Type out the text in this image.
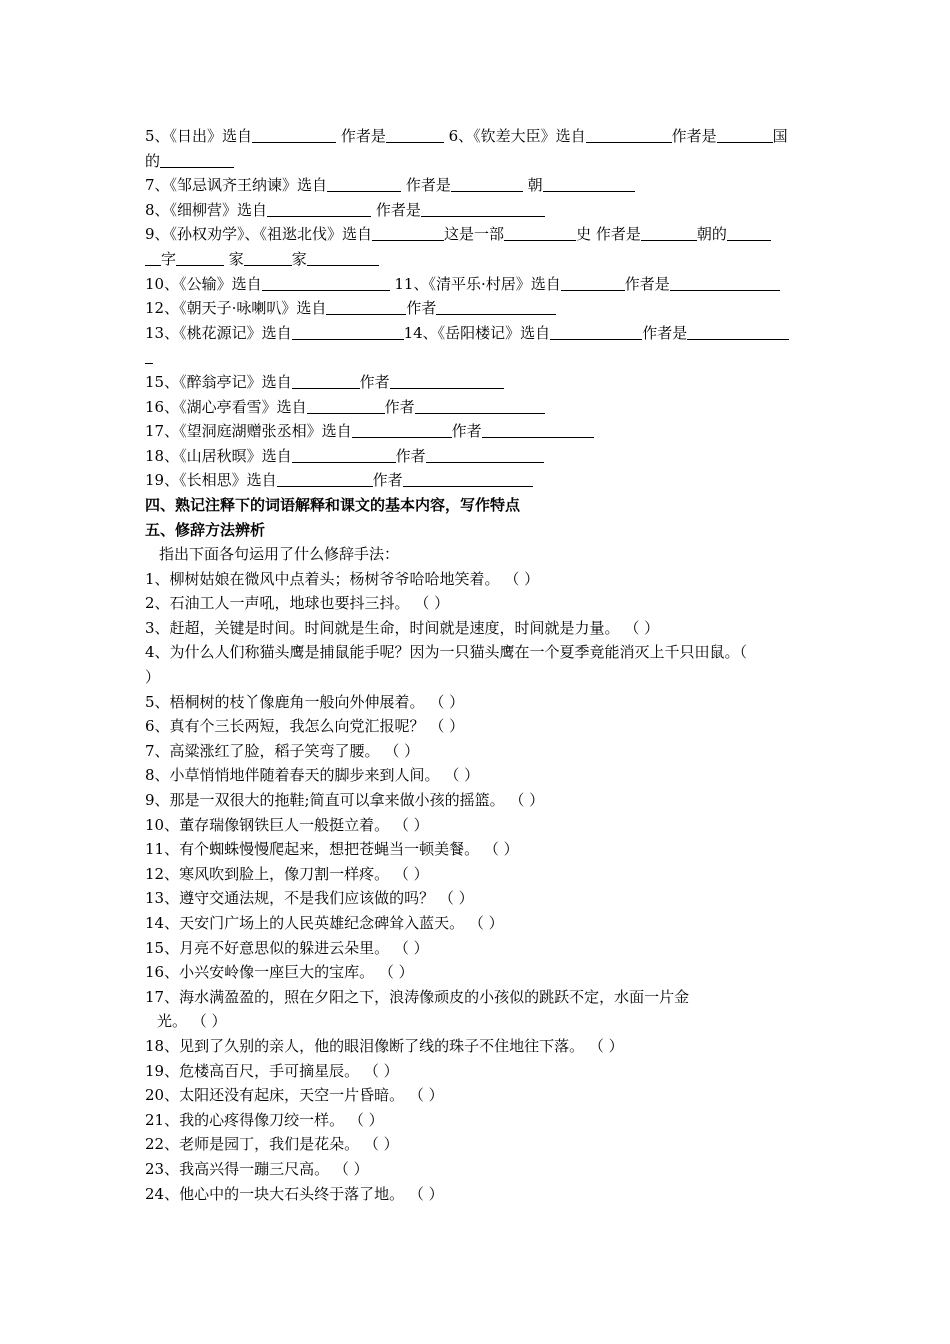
5、《日出》选自	作者是	6、《钦差大臣》选自	作者是	国
的
7、《邹忌讽齐王纳谏》选自	作者是	朝
8、《细柳营》选自	作者是
9、《孙权劝学》、《祖逖北伐》选自	这是一部	史 作者是	朝的
字	家	家
10、《公输》选自	11、《清平乐·村居》选自	作者是
12、《朝天子·咏喇叭》选自	作者
13、《桃花源记》选自	14、《岳阳楼记》选自	作者是
15、《醉翁亭记》选自	作者
16、《湖心亭看雪》选自	作者
17、《望洞庭湖赠张丞相》选自	作者
18、《山居秋暝》选自	作者
19、《长相思》选自	作者
四、熟记注释下的词语解释和课文的基本内容，写作特点
五、修辞方法辨析
指出下面各句运用了什么修辞手法：
1、柳树姑娘在微风中点着头；杨树爷爷哈哈地笑着。 （ ）
2、石油工人一声吼，地球也要抖三抖。 （ ）
3、赶超，关键是时间。时间就是生命，时间就是速度，时间就是力量。 （ ）
4、为什么人们称猫头鹰是捕鼠能手呢？因为一只猫头鹰在一个夏季竟能消灭上千只田鼠。（
）
5、梧桐树的枝丫像鹿角一般向外伸展着。 （ ）
6、真有个三长两短，我怎么向党汇报呢？ （ ）
7、高粱涨红了脸，稻子笑弯了腰。 （ ）
8、小草悄悄地伴随着春天的脚步来到人间。 （ ）
9、那是一双很大的拖鞋;简直可以拿来做小孩的摇篮。 （ ）
10、董存瑞像钢铁巨人一般挺立着。 （ ）
11、有个蜘蛛慢慢爬起来，想把苍蝇当一顿美餐。 （ ）
12、寒风吹到脸上，像刀割一样疼。 （ ）
13、遵守交通法规，不是我们应该做的吗？ （ ）
14、天安门广场上的人民英雄纪念碑耸入蓝天。 （ ）
15、月亮不好意思似的躲进云朵里。 （ ）
16、小兴安岭像一座巨大的宝库。 （ ）
17、海水满盈盈的，照在夕阳之下，浪涛像顽皮的小孩似的跳跃不定，水面一片金
光。 （ ）
18、见到了久别的亲人，他的眼泪像断了线的珠子不住地往下落。 （ ）
19、危楼高百尺，手可摘星辰。 （ ）
20、太阳还没有起床，天空一片昏暗。 （ ）
21、我的心疼得像刀绞一样。 （ ）
22、老师是园丁，我们是花朵。 （ ）
23、我高兴得一蹦三尺高。 （ ）
24、他心中的一块大石头终于落了地。 （ ）
